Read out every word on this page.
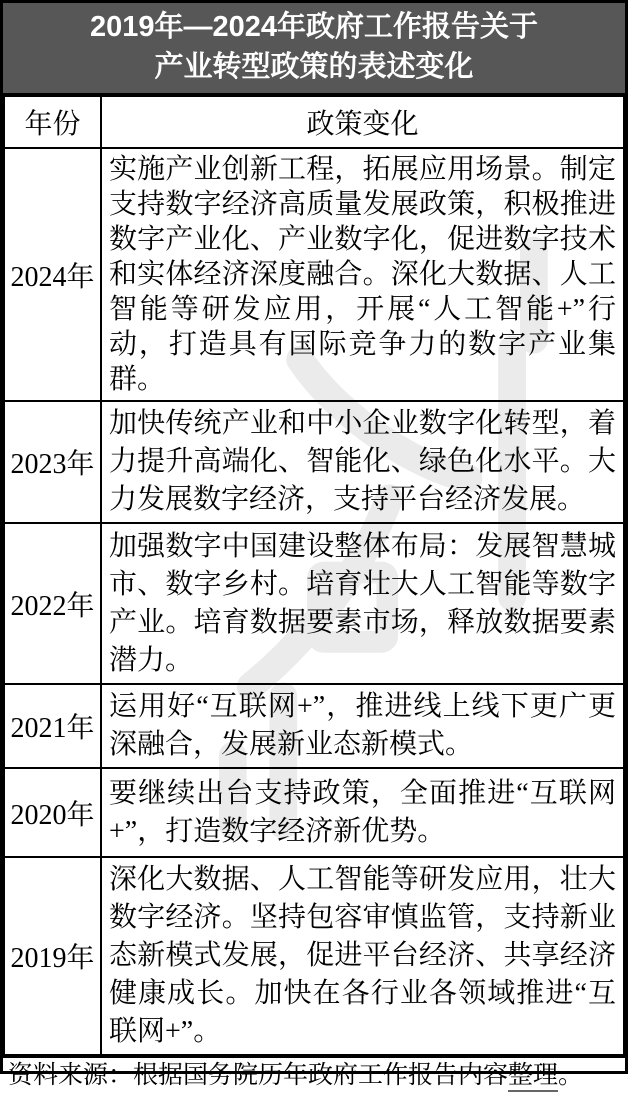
2019年—2024年政府工作报告关于
产业转型政策的表述变化
年份	政策变化
2024年	实施产业创新工程，拓展应用场景。制定支持数字经济高质量发展政策，积极推进数字产业化、产业数字化，促进数字技术和实体经济深度融合。深化大数据、人工智能等研发应用，开展“人工智能+”行动，打造具有国际竞争力的数字产业集群。
2023年	加快传统产业和中小企业数字化转型，着力提升高端化、智能化、绿色化水平。大力发展数字经济，支持平台经济发展。
2022年	加强数字中国建设整体布局：发展智慧城市、数字乡村。培育壮大人工智能等数字产业。培育数据要素市场，释放数据要素潜力。
2021年	运用好“互联网+”，推进线上线下更广更深融合，发展新业态新模式。
2020年	要继续出台支持政策，全面推进“互联网+”，打造数字经济新优势。
2019年	深化大数据、人工智能等研发应用，壮大数字经济。坚持包容审慎监管，支持新业态新模式发展，促进平台经济、共享经济健康成长。加快在各行业各领域推进“互联网+”。
资料来源：根据国务院历年政府工作报告内容整理。
